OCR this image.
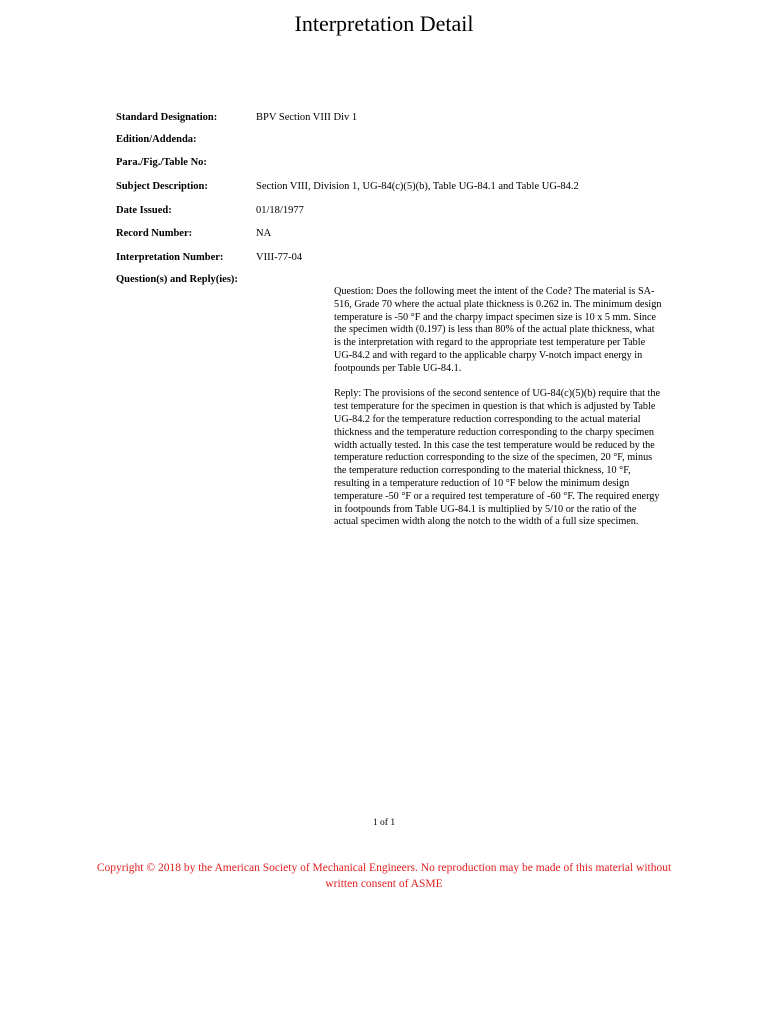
Interpretation Detail
Standard Designation:	BPV Section VIII Div 1
Edition/Addenda:
Para./Fig./Table No:
Subject Description:	Section VIII, Division 1, UG-84(c)(5)(b), Table UG-84.1 and Table UG-84.2
Date Issued:	01/18/1977
Record Number:	NA
Interpretation Number:	VIII-77-04
Question(s) and Reply(ies):

Question: Does the following meet the intent of the Code? The material is SA-516, Grade 70 where the actual plate thickness is 0.262 in. The minimum design temperature is -50 °F and the charpy impact specimen size is 10 x 5 mm. Since the specimen width (0.197) is less than 80% of the actual plate thickness, what is the interpretation with regard to the appropriate test temperature per Table UG-84.2 and with regard to the applicable charpy V-notch impact energy in footpounds per Table UG-84.1.

Reply: The provisions of the second sentence of UG-84(c)(5)(b) require that the test temperature for the specimen in question is that which is adjusted by Table UG-84.2 for the temperature reduction corresponding to the actual material thickness and the temperature reduction corresponding to the charpy specimen width actually tested. In this case the test temperature would be reduced by the temperature reduction corresponding to the size of the specimen, 20 °F, minus the temperature reduction corresponding to the material thickness, 10 °F, resulting in a temperature reduction of 10 °F below the minimum design temperature -50 °F or a required test temperature of -60 °F. The required energy in footpounds from Table UG-84.1 is multiplied by 5/10 or the ratio of the actual specimen width along the notch to the width of a full size specimen.

1 of 1
Copyright © 2018 by the American Society of Mechanical Engineers. No reproduction may be made of this material without written consent of ASME
